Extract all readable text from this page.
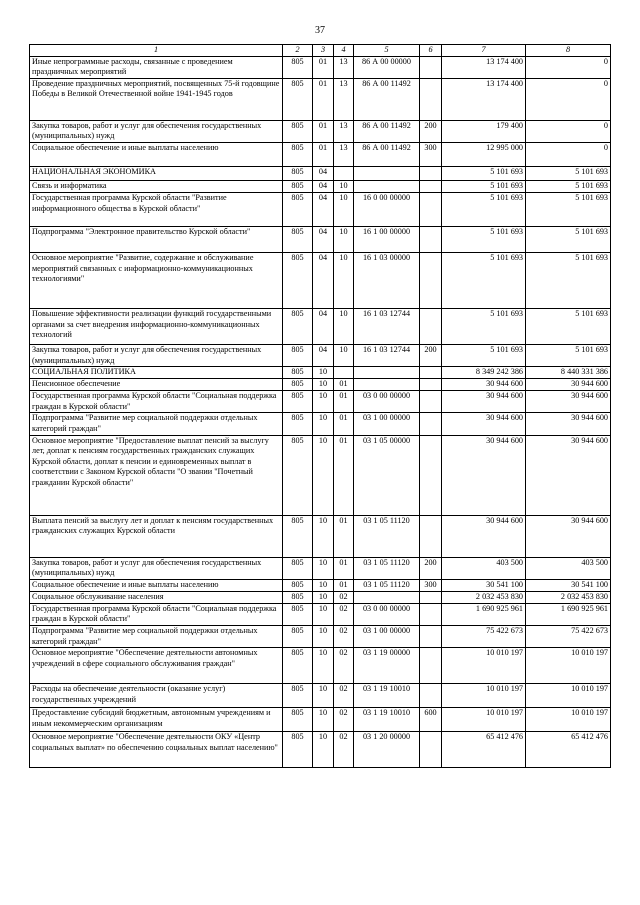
37
1	2	3	4	5	6	7	8
Иные непрограммные расходы, связанные с проведением праздничных мероприятий	805	01	13	86 А 00 00000		13 174 400	0
Проведение праздничных мероприятий, посвященных 75-й годовщине Победы в Великой Отечественной войне 1941-1945 годов	805	01	13	86 А 00 11492		13 174 400	0
Закупка товаров, работ и услуг для обеспечения государственных (муниципальных) нужд	805	01	13	86 А 00 11492	200	179 400	0
Социальное обеспечение и иные выплаты населению	805	01	13	86 А 00 11492	300	12 995 000	0
НАЦИОНАЛЬНАЯ ЭКОНОМИКА	805	04				5 101 693	5 101 693
Связь и информатика	805	04	10			5 101 693	5 101 693
Государственная программа Курской области "Развитие информационного общества в Курской области"	805	04	10	16 0 00 00000		5 101 693	5 101 693
Подпрограмма "Электронное правительство Курской области"	805	04	10	16 1 00 00000		5 101 693	5 101 693
Основное мероприятие "Развитие, содержание и обслуживание мероприятий связанных с информационно-коммуникационных технологиями"	805	04	10	16 1 03 00000		5 101 693	5 101 693
Повышение эффективности реализации функций государственными органами за счет внедрения информационно-коммуникационных технологий	805	04	10	16 1 03 12744		5 101 693	5 101 693
Закупка товаров, работ и услуг для обеспечения государственных (муниципальных) нужд	805	04	10	16 1 03 12744	200	5 101 693	5 101 693
СОЦИАЛЬНАЯ ПОЛИТИКА	805	10				8 349 242 386	8 440 331 386
Пенсионное обеспечение	805	10	01			30 944 600	30 944 600
Государственная программа Курской области "Социальная поддержка граждан в Курской области"	805	10	01	03 0 00 00000		30 944 600	30 944 600
Подпрограмма "Развитие мер социальной поддержки отдельных категорий граждан"	805	10	01	03 1 00 00000		30 944 600	30 944 600
Основное мероприятие "Предоставление выплат пенсий за выслугу лет, доплат к пенсиям государственных гражданских служащих Курской области, доплат к пенсии и единовременных выплат в соответствии с Законом Курской области "О звании "Почетный гражданин Курской области"	805	10	01	03 1 05 00000		30 944 600	30 944 600
Выплата пенсий за выслугу лет и доплат к пенсиям государственных гражданских служащих Курской области	805	10	01	03 1 05 11120		30 944 600	30 944 600
Закупка товаров, работ и услуг для обеспечения государственных (муниципальных) нужд	805	10	01	03 1 05 11120	200	403 500	403 500
Социальное обеспечение и иные выплаты населению	805	10	01	03 1 05 11120	300	30 541 100	30 541 100
Социальное обслуживание населения	805	10	02			2 032 453 830	2 032 453 830
Государственная программа Курской области "Социальная поддержка граждан в Курской области"	805	10	02	03 0 00 00000		1 690 925 961	1 690 925 961
Подпрограмма "Развитие мер социальной поддержки отдельных категорий граждан"	805	10	02	03 1 00 00000		75 422 673	75 422 673
Основное мероприятие "Обеспечение деятельности автономных учреждений в сфере социального обслуживания граждан"	805	10	02	03 1 19 00000		10 010 197	10 010 197
Расходы на обеспечение деятельности (оказание услуг) государственных учреждений	805	10	02	03 1 19 10010		10 010 197	10 010 197
Предоставление субсидий бюджетным, автономным учреждениям и иным некоммерческим организациям	805	10	02	03 1 19 10010	600	10 010 197	10 010 197
Основное мероприятие "Обеспечение деятельности ОКУ «Центр социальных выплат» по обеспечению социальных выплат населению"	805	10	02	03 1 20 00000		65 412 476	65 412 476
